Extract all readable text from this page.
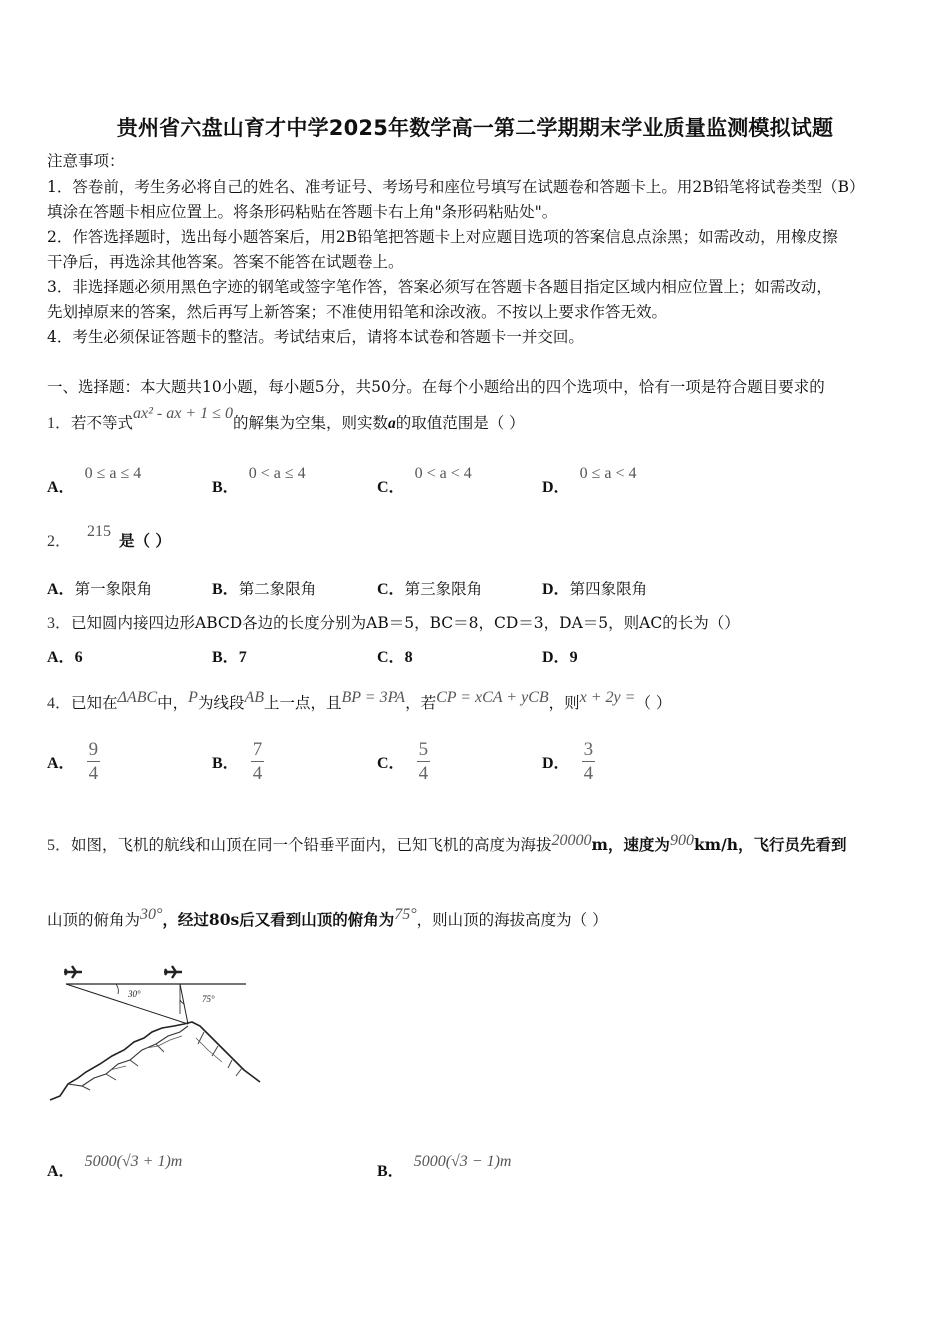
贵州省六盘山育才中学2025年数学高一第二学期期末学业质量监测模拟试题
注意事项：
1．答卷前，考生务必将自己的姓名、准考证号、考场号和座位号填写在试题卷和答题卡上。用2B铅笔将试卷类型（B）
填涂在答题卡相应位置上。将条形码粘贴在答题卡右上角"条形码粘贴处"。
2．作答选择题时，选出每小题答案后，用2B铅笔把答题卡上对应题目选项的答案信息点涂黑；如需改动，用橡皮擦
干净后，再选涂其他答案。答案不能答在试题卷上。
3．非选择题必须用黑色字迹的钢笔或签字笔作答，答案必须写在答题卡各题目指定区域内相应位置上；如需改动，
先划掉原来的答案，然后再写上新答案；不准使用铅笔和涂改液。不按以上要求作答无效。
4．考生必须保证答题卡的整洁。考试结束后，请将本试卷和答题卡一并交回。
一、选择题：本大题共10小题，每小题5分，共50分。在每个小题给出的四个选项中，恰有一项是符合题目要求的
1．若不等式ax² - ax + 1 ≤ 0的解集为空集，则实数a的取值范围是（ ）
A．0 ≤ a ≤ 4
B．0 < a ≤ 4
C．0 < a < 4
D．0 ≤ a < 4
2．215 是（ ）
A．第一象限角	B．第二象限角	C．第三象限角	D．第四象限角
3．已知圆内接四边形ABCD各边的长度分别为AB＝5，BC＝8，CD＝3，DA＝5，则AC的长为（）
A．6	B．7	C．8	D．9
4．已知在ΔABC中，P为线段AB上一点，且BP = 3PA，若CP = xCA + yCB，则x + 2y =（ ）
A． $\frac{9}{4}$	B． $\frac{7}{4}$	C． $\frac{5}{4}$	D． $\frac{3}{4}$
5．如图，飞机的航线和山顶在同一个铅垂平面内，已知飞机的高度为海拔20000m，速度为900km/h，飞行员先看到
山顶的俯角为30°，经过80s后又看到山顶的俯角为75°，则山顶的海拔高度为（ ）
30°	75°
A．5000(√3 + 1)m
B．5000(√3 − 1)m
